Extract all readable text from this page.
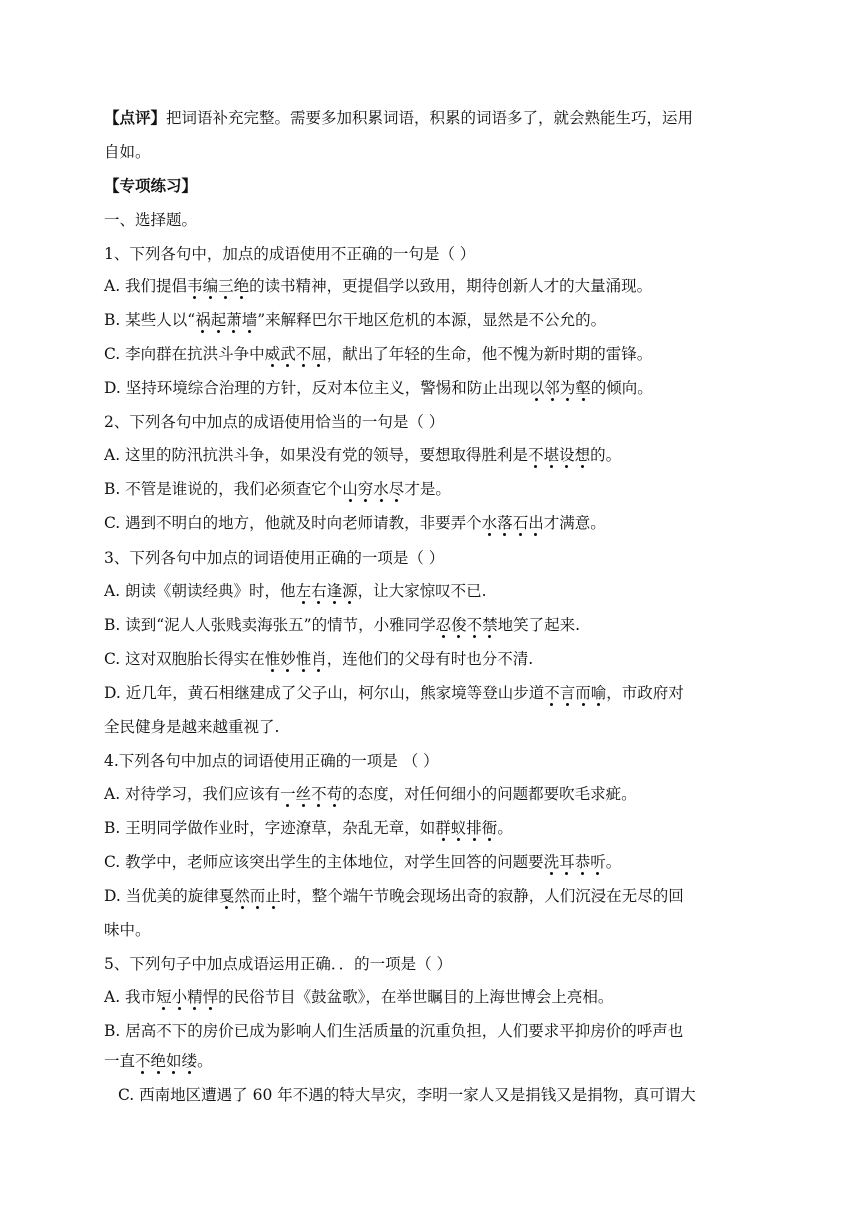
【点评】把词语补充完整。需要多加积累词语，积累的词语多了，就会熟能生巧，运用
自如。
【专项练习】
一、选择题。
1、下列各句中，加点的成语使用不正确的一句是（ ）
A. 我们提倡韦编三绝的读书精神，更提倡学以致用，期待创新人才的大量涌现。
B. 某些人以“祸起萧墙”来解释巴尔干地区危机的本源，显然是不公允的。
C. 李向群在抗洪斗争中威武不屈，献出了年轻的生命，他不愧为新时期的雷锋。
D. 坚持环境综合治理的方针，反对本位主义，警惕和防止出现以邻为壑的倾向。
2、下列各句中加点的成语使用恰当的一句是（ ）
A. 这里的防汛抗洪斗争，如果没有党的领导，要想取得胜利是不堪设想的。
B. 不管是谁说的，我们必须查它个山穷水尽才是。
C. 遇到不明白的地方，他就及时向老师请教，非要弄个水落石出才满意。
3、下列各句中加点的词语使用正确的一项是（ ）
A. 朗读《朝读经典》时，他左右逢源，让大家惊叹不已.
B. 读到“泥人人张贱卖海张五”的情节，小雅同学忍俊不禁地笑了起来.
C. 这对双胞胎长得实在惟妙惟肖，连他们的父母有时也分不清.
D. 近几年，黄石相继建成了父子山，柯尔山，熊家境等登山步道不言而喻，市政府对
全民健身是越来越重视了.
4.下列各句中加点的词语使用正确的一项是 （ ）
A. 对待学习，我们应该有一丝不苟的态度，对任何细小的问题都要吹毛求疵。
B. 王明同学做作业时，字迹潦草，杂乱无章，如群蚁排衙。
C. 教学中，老师应该突出学生的主体地位，对学生回答的问题要洗耳恭听。
D. 当优美的旋律戛然而止时，整个端午节晚会现场出奇的寂静，人们沉浸在无尽的回
味中。
5、下列句子中加点成语运用正确．．的一项是（ ）
A. 我市短小精悍的民俗节目《鼓盆歌》，在举世瞩目的上海世博会上亮相。
B. 居高不下的房价已成为影响人们生活质量的沉重负担，人们要求平抑房价的呼声也
一直不绝如缕。
C. 西南地区遭遇了 60 年不遇的特大旱灾，李明一家人又是捐钱又是捐物，真可谓大
